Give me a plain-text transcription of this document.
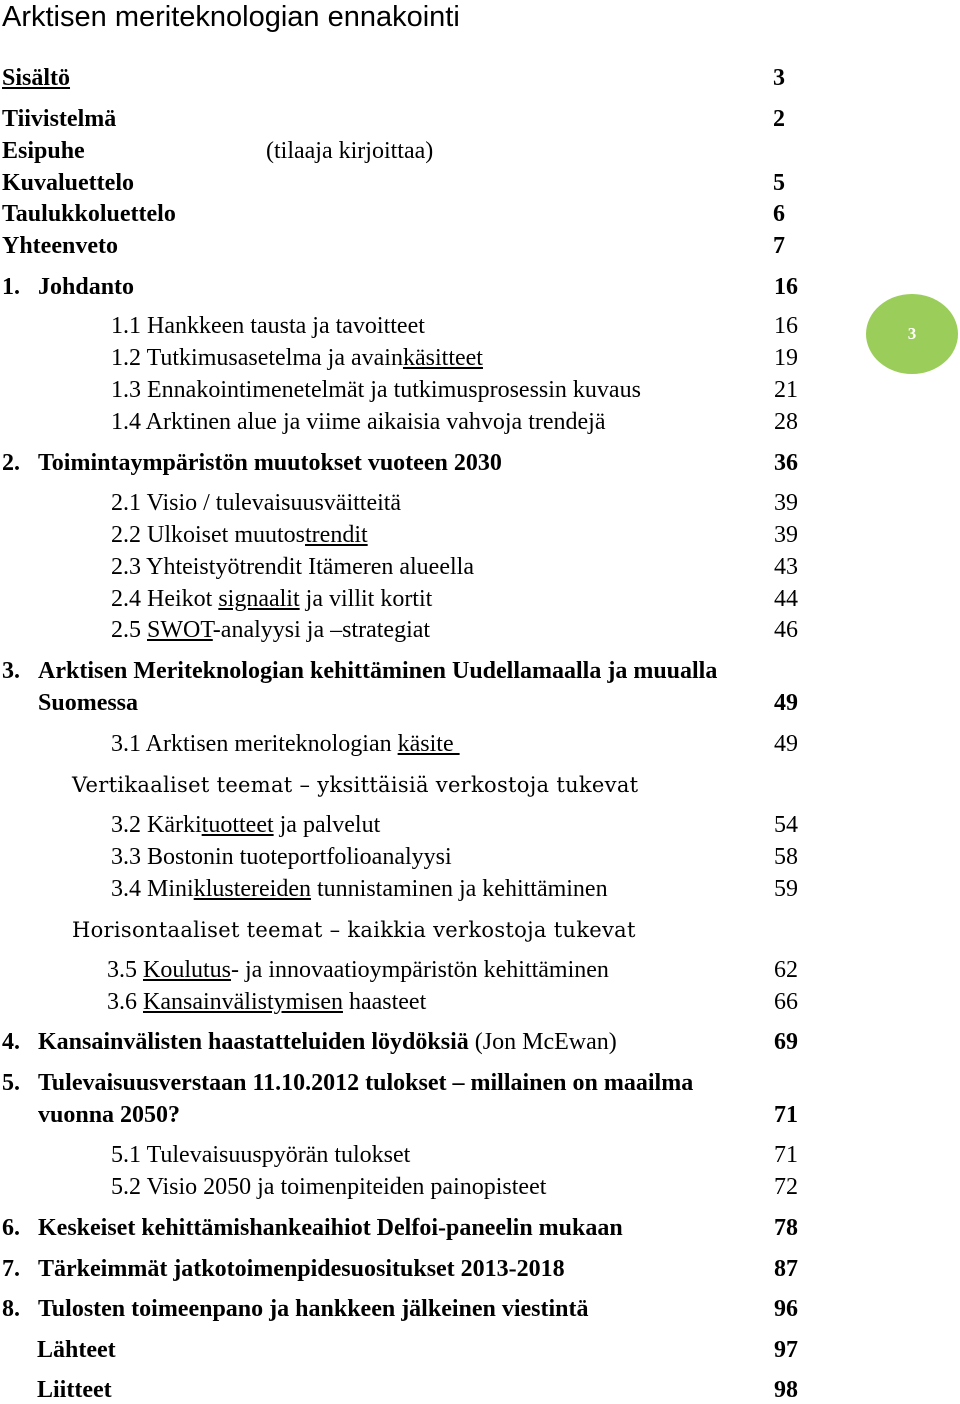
Arktisen meriteknologian ennakointi
3
Sisältö	3
Tiivistelmä	2
Esipuhe	(tilaaja kirjoittaa)
Kuvaluettelo	5
Taulukkoluettelo	6
Yhteenveto	7
1. Johdanto	16
1.1 Hankkeen tausta ja tavoitteet	16
1.2 Tutkimusasetelma ja avainkäsitteet	19
1.3 Ennakointimenetelmät ja tutkimusprosessin kuvaus	21
1.4 Arktinen alue ja viime aikaisia vahvoja trendejä	28
2. Toimintaympäristön muutokset vuoteen 2030	36
2.1 Visio / tulevaisuusväitteitä	39
2.2 Ulkoiset muutostrendit	39
2.3 Yhteistyötrendit Itämeren alueella	43
2.4 Heikot signaalit ja villit kortit	44
2.5 SWOT-analyysi ja –strategiat	46
3. Arktisen Meriteknologian kehittäminen Uudellamaalla ja muualla
Suomessa	49
3.1 Arktisen meriteknologian käsite	49
Vertikaaliset teemat – yksittäisiä verkostoja tukevat
3.2 Kärkituotteet ja palvelut	54
3.3 Bostonin tuoteportfolioanalyysi	58
3.4 Miniklustereiden tunnistaminen ja kehittäminen	59
Horisontaaliset teemat – kaikkia verkostoja tukevat
3.5 Koulutus- ja innovaatioympäristön kehittäminen	62
3.6 Kansainvälistymisen haasteet	66
4. Kansainvälisten haastatteluiden löydöksiä (Jon McEwan)	69
5. Tulevaisuusverstaan 11.10.2012 tulokset – millainen on maailma
vuonna 2050?	71
5.1 Tulevaisuuspyörän tulokset	71
5.2 Visio 2050 ja toimenpiteiden painopisteet	72
6. Keskeiset kehittämishankeaihiot Delfoi-paneelin mukaan	78
7. Tärkeimmät jatkotoimenpidesuositukset 2013-2018	87
8. Tulosten toimeenpano ja hankkeen jälkeinen viestintä	96
Lähteet	97
Liitteet	98
